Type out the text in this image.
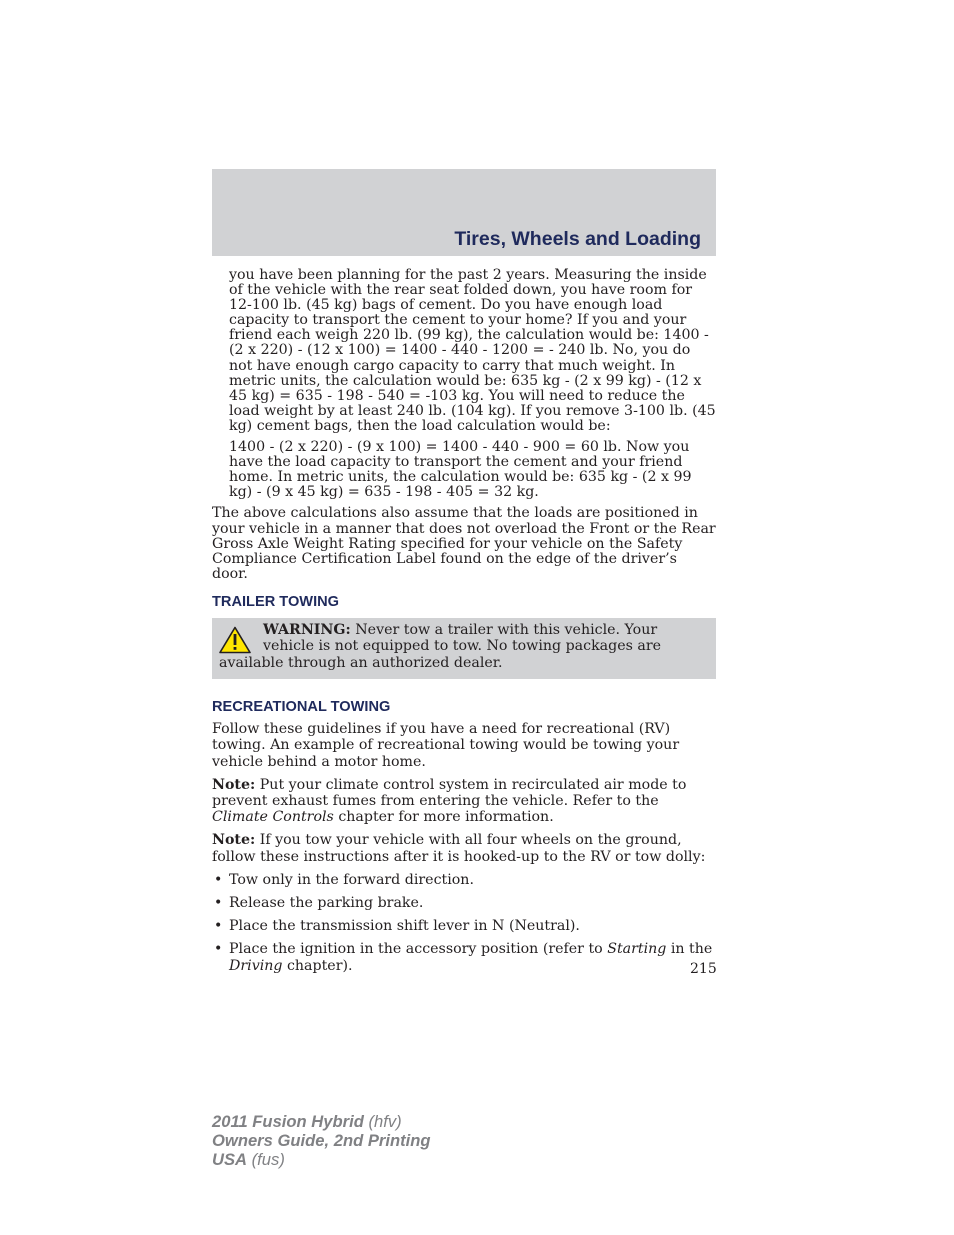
Tires, Wheels and Loading

you have been planning for the past 2 years. Measuring the inside of the vehicle with the rear seat folded down, you have room for 12-100 lb. (45 kg) bags of cement. Do you have enough load capacity to transport the cement to your home? If you and your friend each weigh 220 lb. (99 kg), the calculation would be: 1400 - (2 x 220) - (12 x 100) = 1400 - 440 - 1200 = - 240 lb. No, you do not have enough cargo capacity to carry that much weight. In metric units, the calculation would be: 635 kg - (2 x 99 kg) - (12 x 45 kg) = 635 - 198 - 540 = -103 kg. You will need to reduce the load weight by at least 240 lb. (104 kg). If you remove 3-100 lb. (45 kg) cement bags, then the load calculation would be:

1400 - (2 x 220) - (9 x 100) = 1400 - 440 - 900 = 60 lb. Now you have the load capacity to transport the cement and your friend home. In metric units, the calculation would be: 635 kg - (2 x 99 kg) - (9 x 45 kg) = 635 - 198 - 405 = 32 kg.

The above calculations also assume that the loads are positioned in your vehicle in a manner that does not overload the Front or the Rear Gross Axle Weight Rating specified for your vehicle on the Safety Compliance Certification Label found on the edge of the driver’s door.

TRAILER TOWING
WARNING: Never tow a trailer with this vehicle. Your vehicle is not equipped to tow. No towing packages are available through an authorized dealer.
RECREATIONAL TOWING

Follow these guidelines if you have a need for recreational (RV) towing. An example of recreational towing would be towing your vehicle behind a motor home.

Note: Put your climate control system in recirculated air mode to prevent exhaust fumes from entering the vehicle. Refer to the Climate Controls chapter for more information.

Note: If you tow your vehicle with all four wheels on the ground, follow these instructions after it is hooked-up to the RV or tow dolly:

• Tow only in the forward direction.
• Release the parking brake.
• Place the transmission shift lever in N (Neutral).
• Place the ignition in the accessory position (refer to Starting in the Driving chapter).	215
2011 Fusion Hybrid (hfv)
Owners Guide, 2nd Printing
USA (fus)
